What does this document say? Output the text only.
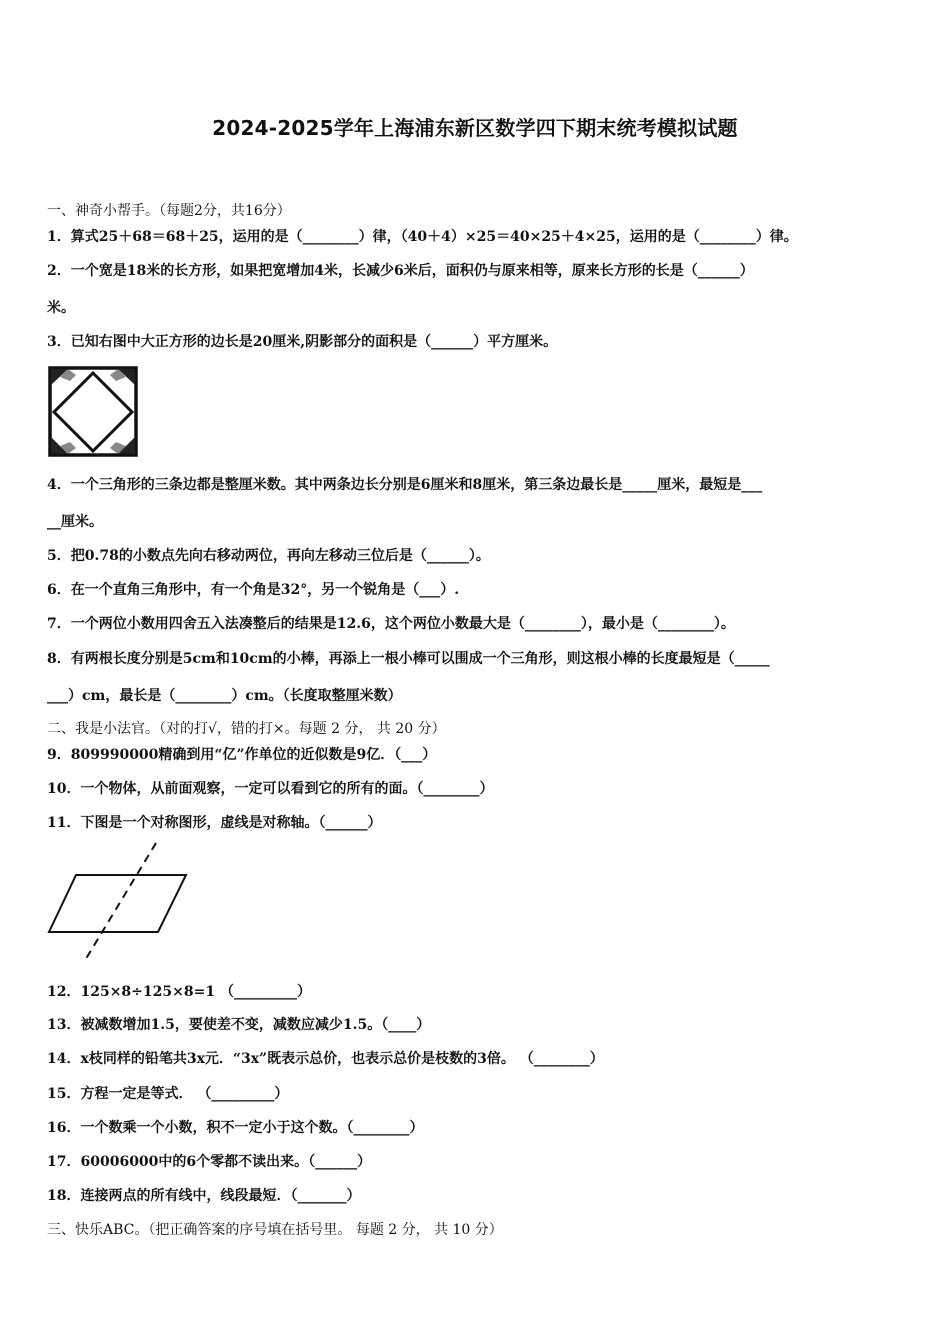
2024-2025学年上海浦东新区数学四下期末统考模拟试题
一、神奇小帮手。（每题2分，共16分）
1．算式25＋68＝68＋25，运用的是（________）律，（40＋4）×25＝40×25＋4×25，运用的是（________）律。
2．一个宽是18米的长方形，如果把宽增加4米，长减少6米后，面积仍与原来相等，原来长方形的长是（______）
米。
3．已知右图中大正方形的边长是20厘米,阴影部分的面积是（______）平方厘米。
4．一个三角形的三条边都是整厘米数。其中两条边长分别是6厘米和8厘米，第三条边最长是_____厘米，最短是___
__厘米。
5．把0.78的小数点先向右移动两位，再向左移动三位后是（______）。
6．在一个直角三角形中，有一个角是32°，另一个锐角是（___）.
7．一个两位小数用四舍五入法凑整后的结果是12.6，这个两位小数最大是（________），最小是（________）。
8．有两根长度分别是5cm和10cm的小棒，再添上一根小棒可以围成一个三角形，则这根小棒的长度最短是（_____
___）cm，最长是（________）cm。（长度取整厘米数）
二、我是小法官。（对的打√，错的打×。每题 2 分， 共 20 分）
9．809990000精确到用“亿”作单位的近似数是9亿．（___）
10．一个物体，从前面观察，一定可以看到它的所有的面。（________）
11．下图是一个对称图形，虚线是对称轴。（______）
12．125×8÷125×8=1 （_________）
13．被减数增加1.5，要使差不变，减数应减少1.5。（____）
14．x枝同样的铅笔共3x元．“3x”既表示总价，也表示总价是枝数的3倍。 （________）
15．方程一定是等式． （_________）
16．一个数乘一个小数，积不一定小于这个数。（________）
17．60006000中的6个零都不读出来。（______）
18．连接两点的所有线中，线段最短．（_______）
三、快乐ABC。（把正确答案的序号填在括号里。 每题 2 分， 共 10 分）
